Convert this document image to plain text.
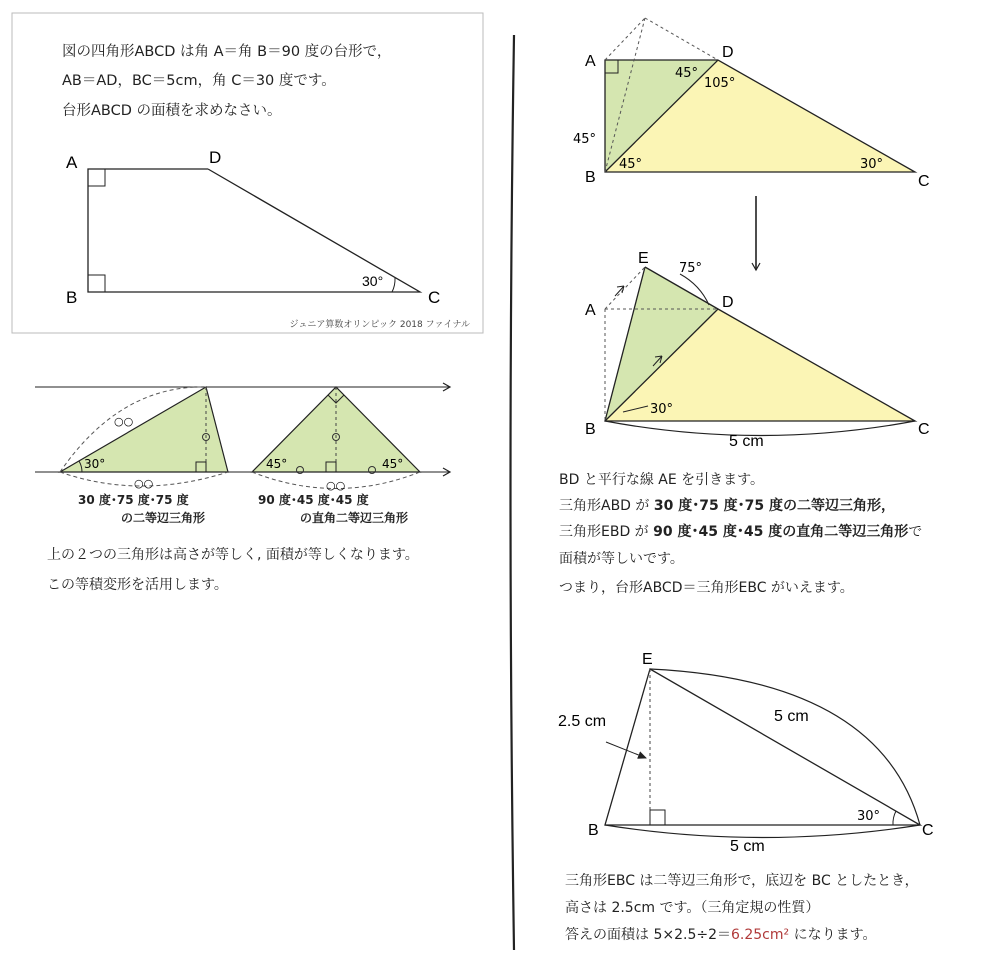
A	D
B	C
30°
ジュニア算数オリンピック 2018 ファイナル
30°
○○
○○
45°	45°
○○
A
D
B	C
45°
105°
45°
45°	30°
E
A	D
B	C
75°
30°
5 cm
E
B	C
2.5 cm	5 cm
5 cm
30°
図の四角形ABCD は角 A＝角 B＝90 度の台形で，
AB＝AD，BC＝5cm，角 C＝30 度です。
台形ABCD の面積を求めなさい。
30 度･75 度･75 度
の二等辺三角形
90 度･45 度･45 度
の直角二等辺三角形
上の２つの三角形は高さが等しく, 面積が等しくなります。
この等積変形を活用します。
BD と平行な線 AE を引きます。
三角形ABD が 30 度･75 度･75 度の二等辺三角形，
三角形EBD が 90 度･45 度･45 度の直角二等辺三角形で
面積が等しいです。
つまり，台形ABCD＝三角形EBC がいえます。
三角形EBC は二等辺三角形で，底辺を BC としたとき，
高さは 2.5cm です。（三角定規の性質）
答えの面積は 5×2.5÷2＝6.25cm² になります。
